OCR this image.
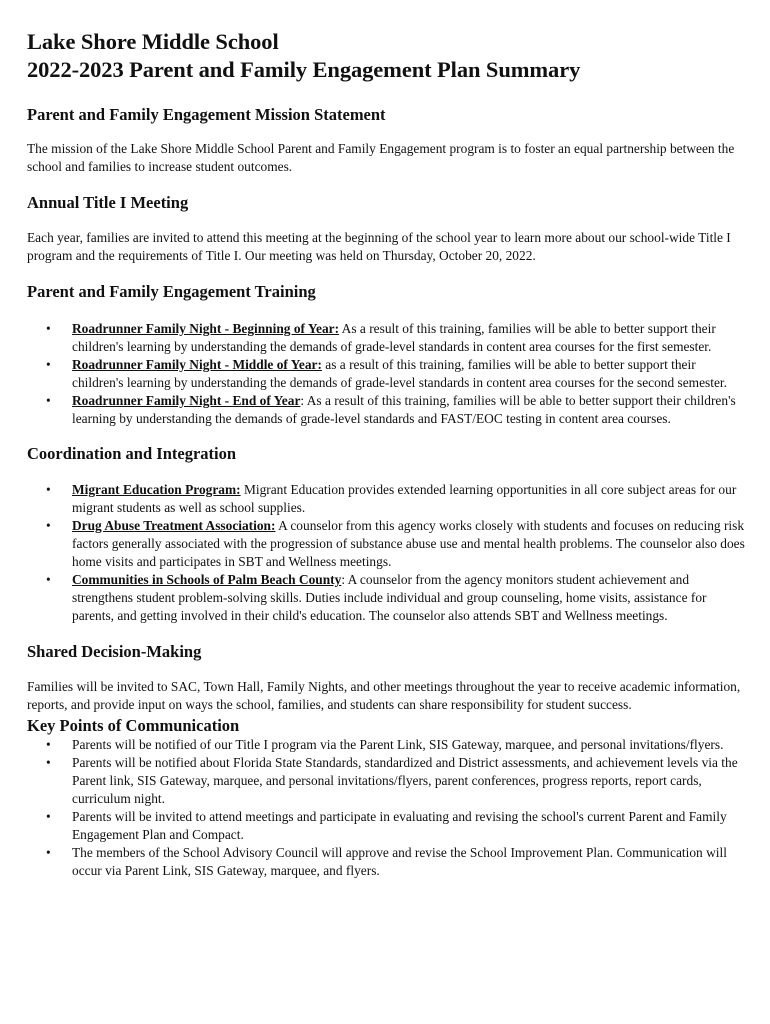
Lake Shore Middle School
2022-2023 Parent and Family Engagement Plan Summary
Parent and Family Engagement Mission Statement

The mission of the Lake Shore Middle School Parent and Family Engagement program is to foster an equal partnership between the school and families to increase student outcomes.

Annual Title I Meeting

Each year, families are invited to attend this meeting at the beginning of the school year to learn more about our school-wide Title I program and the requirements of Title I. Our meeting was held on Thursday, October 20, 2022.

Parent and Family Engagement Training
• Roadrunner Family Night - Beginning of Year: As a result of this training, families will be able to better support their children's learning by understanding the demands of grade-level standards in content area courses for the first semester.
• Roadrunner Family Night - Middle of Year: as a result of this training, families will be able to better support their children's learning by understanding the demands of grade-level standards in content area courses for the second semester.
• Roadrunner Family Night - End of Year: As a result of this training, families will be able to better support their children's learning by understanding the demands of grade-level standards and FAST/EOC testing in content area courses.
Coordination and Integration
• Migrant Education Program: Migrant Education provides extended learning opportunities in all core subject areas for our migrant students as well as school supplies.
• Drug Abuse Treatment Association: A counselor from this agency works closely with students and focuses on reducing risk factors generally associated with the progression of substance abuse use and mental health problems. The counselor also does home visits and participates in SBT and Wellness meetings.
• Communities in Schools of Palm Beach County: A counselor from the agency monitors student achievement and strengthens student problem-solving skills. Duties include individual and group counseling, home visits, assistance for parents, and getting involved in their child's education. The counselor also attends SBT and Wellness meetings.
Shared Decision-Making

Families will be invited to SAC, Town Hall, Family Nights, and other meetings throughout the year to receive academic information, reports, and provide input on ways the school, families, and students can share responsibility for student success.

Key Points of Communication
• Parents will be notified of our Title I program via the Parent Link, SIS Gateway, marquee, and personal invitations/flyers.
• Parents will be notified about Florida State Standards, standardized and District assessments, and achievement levels via the Parent link, SIS Gateway, marquee, and personal invitations/flyers, parent conferences, progress reports, report cards, curriculum night.
• Parents will be invited to attend meetings and participate in evaluating and revising the school's current Parent and Family Engagement Plan and Compact.
• The members of the School Advisory Council will approve and revise the School Improvement Plan. Communication will occur via Parent Link, SIS Gateway, marquee, and flyers.
